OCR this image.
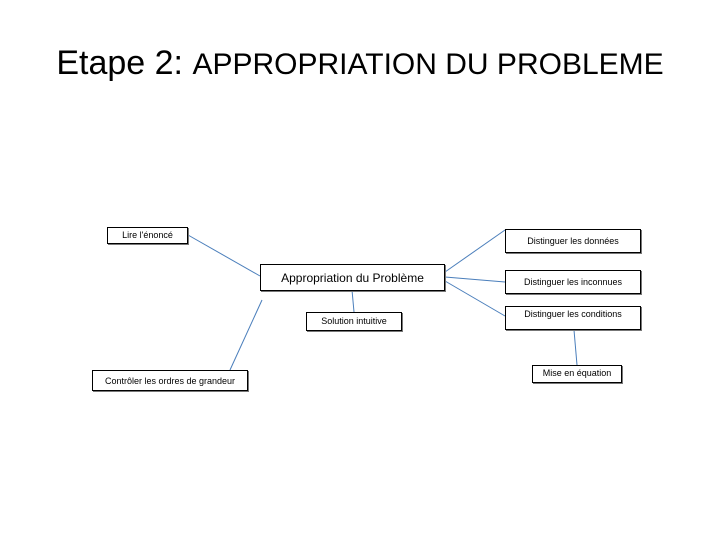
Etape 2: APPROPRIATION DU PROBLEME
Appropriation du Problème
Lire l'énoncé
Distinguer les données
Distinguer les inconnues
Distinguer les conditions
Solution intuitive
Contrôler les ordres de grandeur
Mise en équation
